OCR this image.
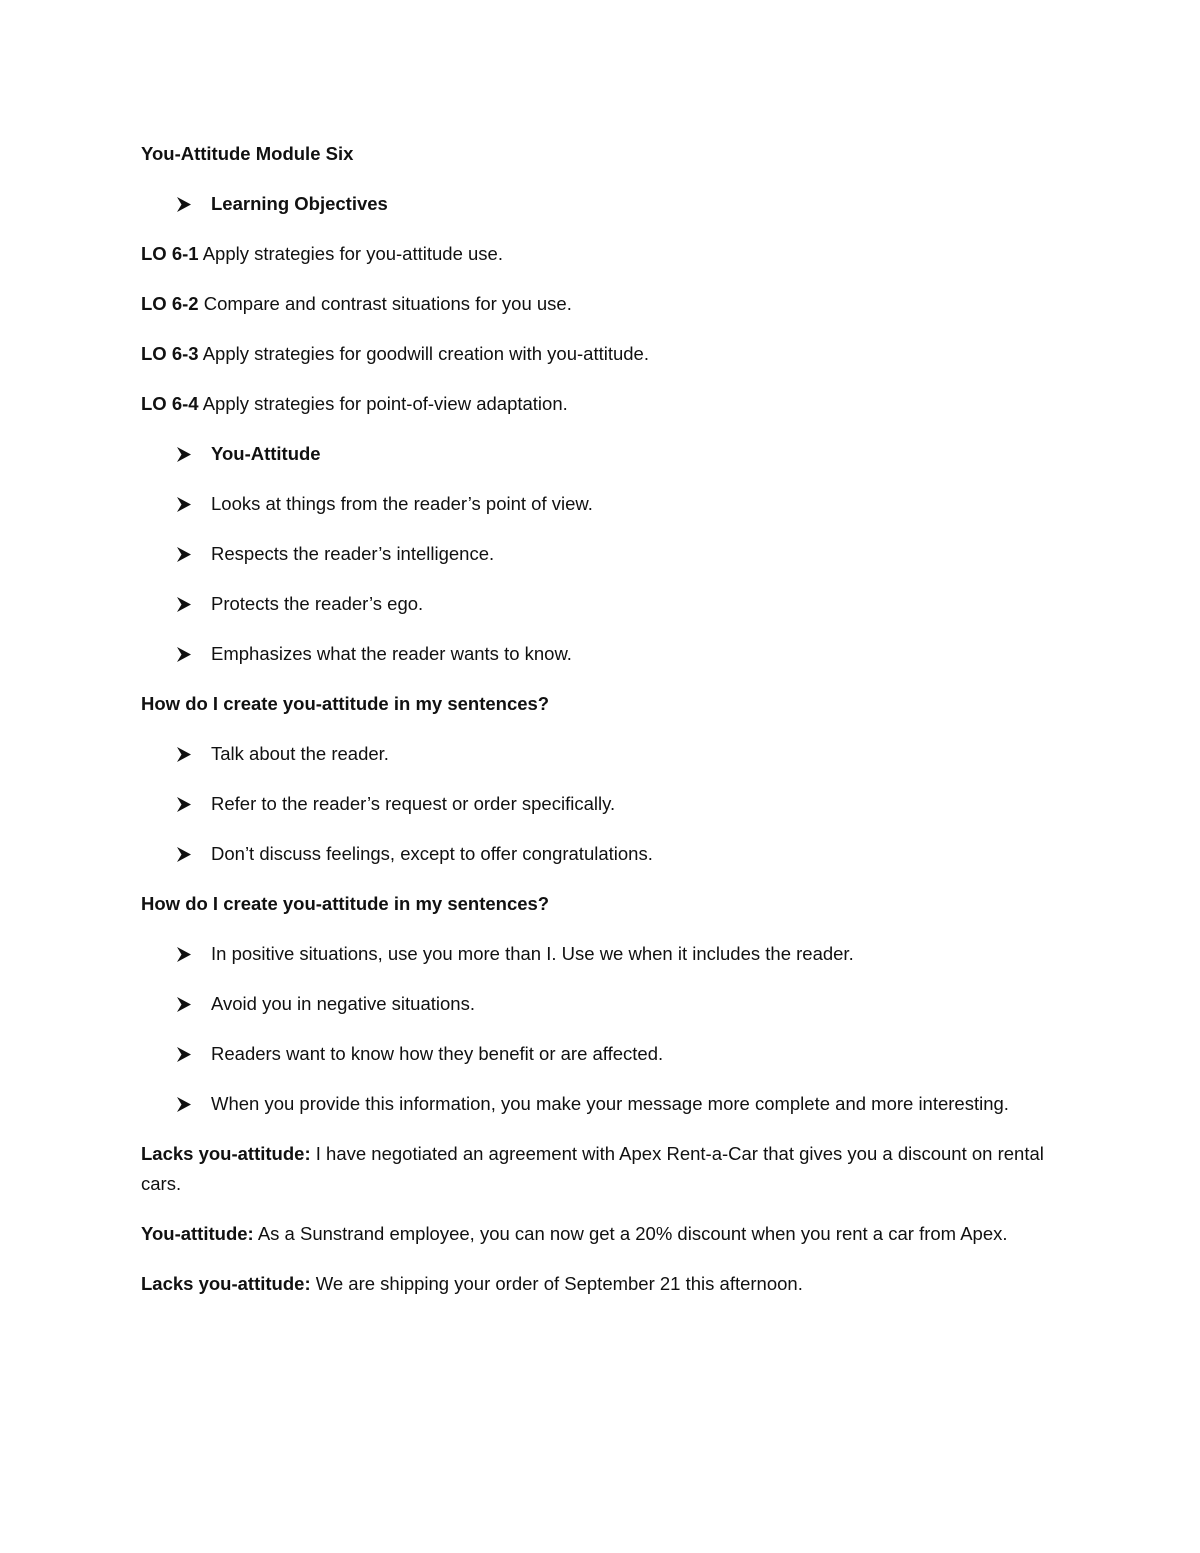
You-Attitude Module Six

Learning Objectives

LO 6-1 Apply strategies for you-attitude use.

LO 6-2 Compare and contrast situations for you use.

LO 6-3 Apply strategies for goodwill creation with you-attitude.

LO 6-4 Apply strategies for point-of-view adaptation.

You-Attitude
Looks at things from the reader’s point of view.
Respects the reader’s intelligence.
Protects the reader’s ego.
Emphasizes what the reader wants to know.

How do I create you-attitude in my sentences?

Talk about the reader.
Refer to the reader’s request or order specifically.
Don’t discuss feelings, except to offer congratulations.

How do I create you-attitude in my sentences?

In positive situations, use you more than I. Use we when it includes the reader.
Avoid you in negative situations.
Readers want to know how they benefit or are affected.
When you provide this information, you make your message more complete and more interesting.

Lacks you-attitude: I have negotiated an agreement with Apex Rent-a-Car that gives you a discount on rental cars.

You-attitude: As a Sunstrand employee, you can now get a 20% discount when you rent a car from Apex.

Lacks you-attitude: We are shipping your order of September 21 this afternoon.
